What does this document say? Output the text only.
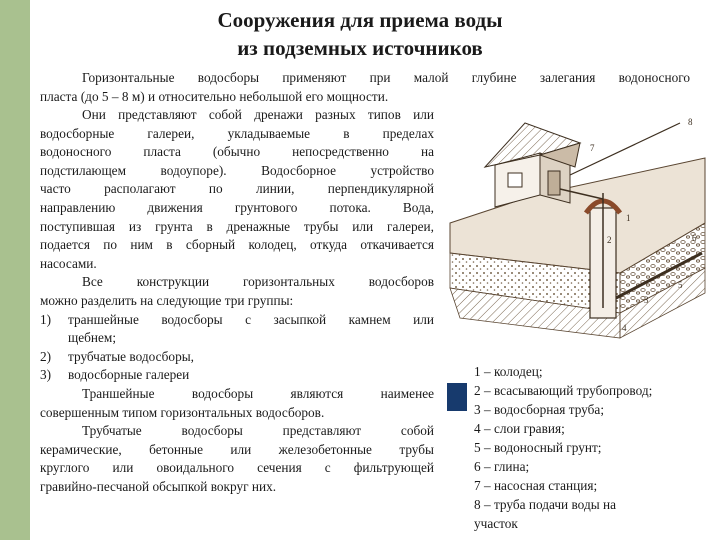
Сооружения для приема воды
из подземных источников
Горизонтальные водосборы применяют при малой глубине залегания водоносного
пласта (до 5 – 8 м) и относительно небольшой его мощности.
Они представляют собой дренажи разных типов или
водосборные галереи, укладываемые в пределах
водоносного пласта (обычно непосредственно на
подстилающем водоупоре). Водосборное устройство
часто располагают по линии, перпендикулярной
направлению движения грунтового потока. Вода,
поступившая из грунта в дренажные трубы или галереи,
подается по ним в сборный колодец, откуда откачивается
насосами.
Все конструкции горизонтальных водосборов
можно разделить на следующие три группы:
1)	траншейные водосборы с засыпкой камнем или
щебнем;
2)	трубчатые водосборы,
3)	водосборные галереи
Траншейные водосборы являются наименее
совершенным типом горизонтальных водосборов.
Трубчатые водосборы представляют собой
керамические, бетонные или железобетонные трубы
круглого или овоидального сечения с фильтрующей
гравийно-песчаной обсыпкой вокруг них.
8
7
1
2	6
5
3
4
1 – колодец;
2 – всасывающий трубопровод;
3 – водосборная труба;
4 – слои гравия;
5 – водоносный грунт;
6 – глина;
7 – насосная станция;
8 – труба подачи воды на
участок
